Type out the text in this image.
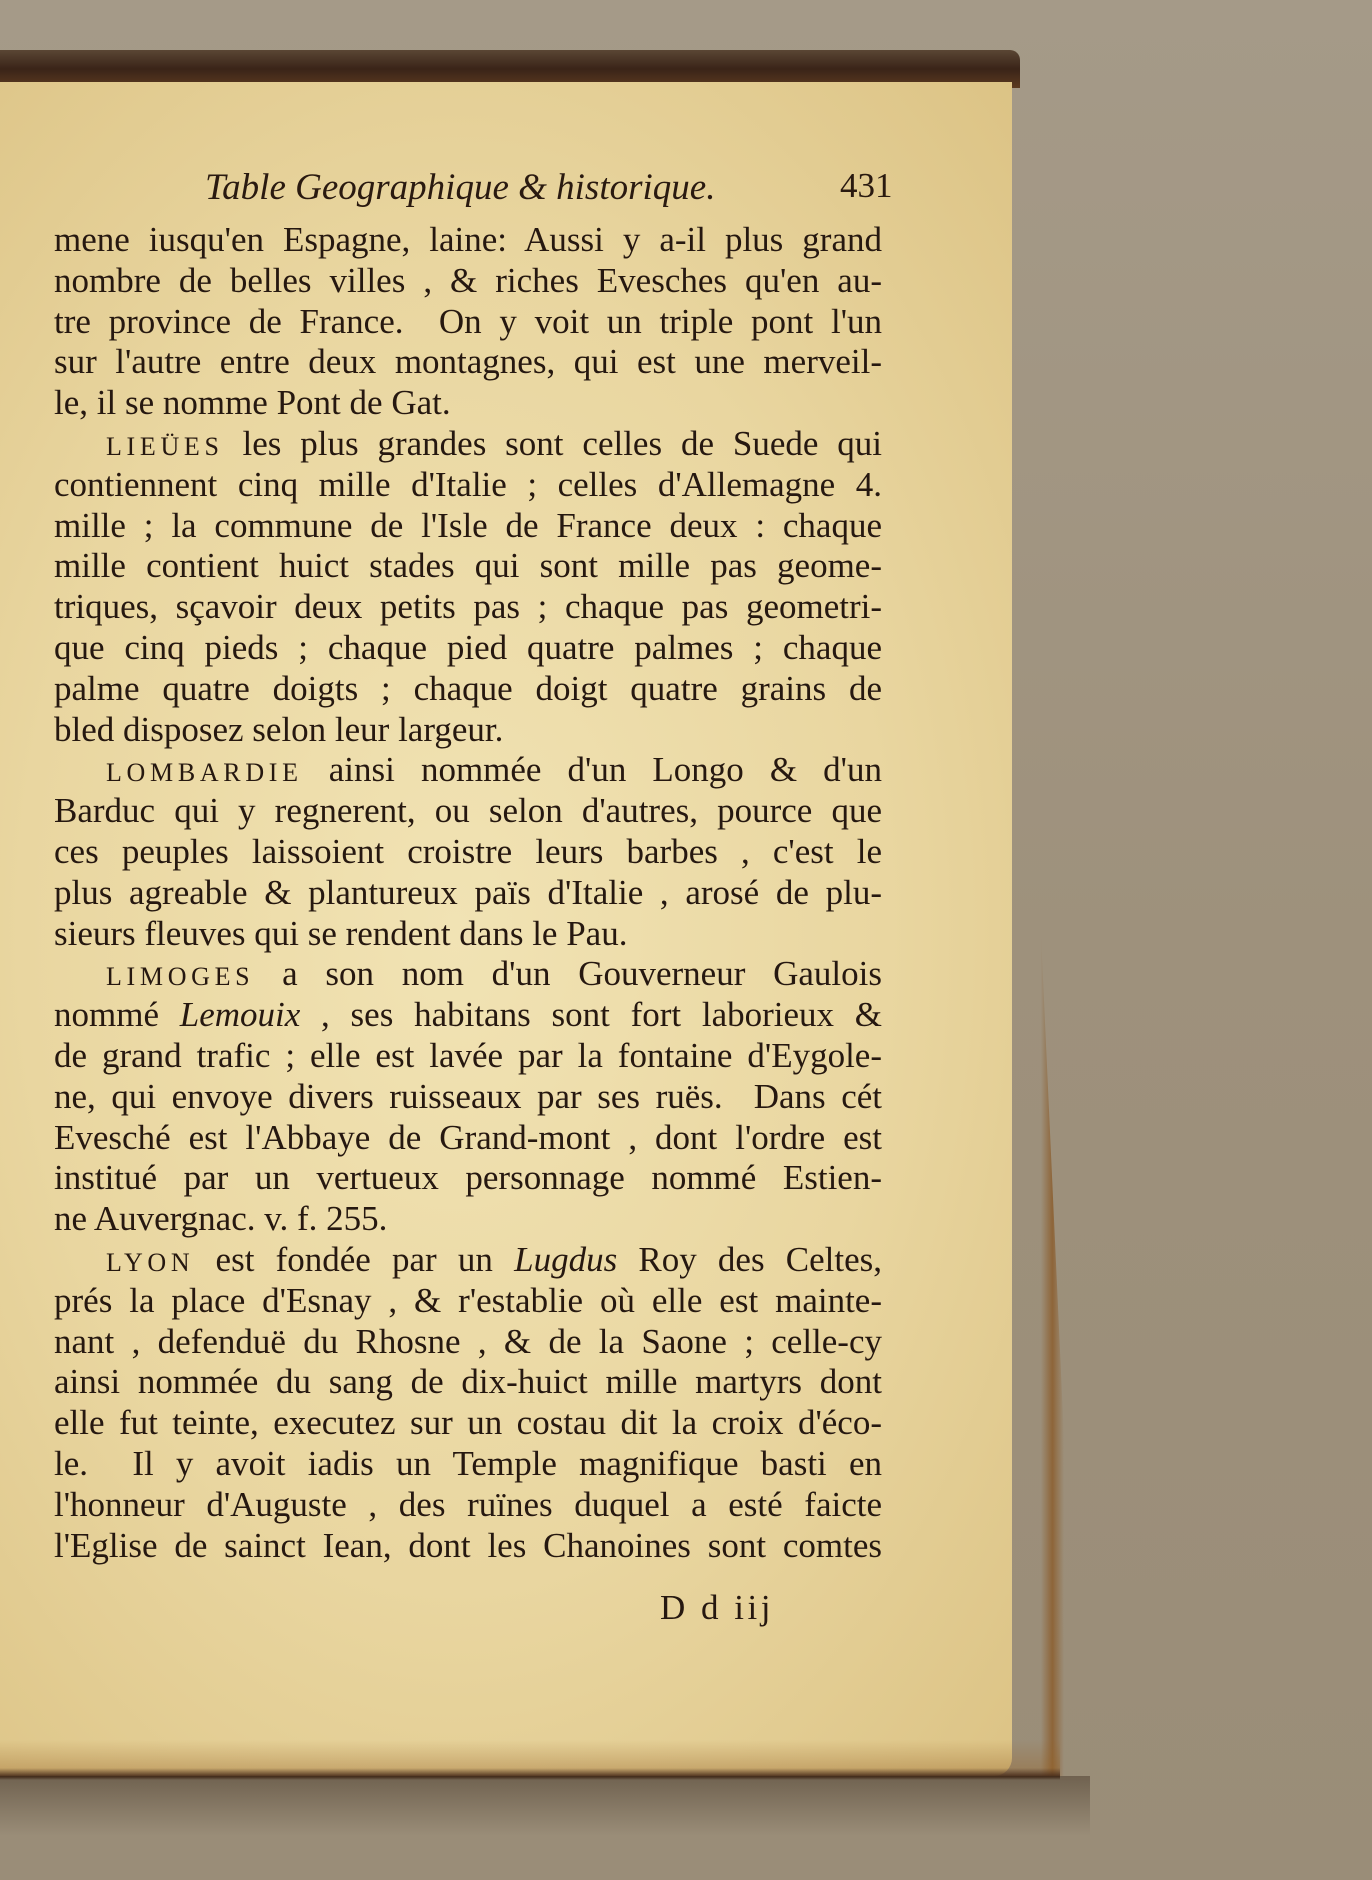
Table Geographique & historique.	431
mene iusqu'en Espagne, laine: Aussi y a-il plus grand
nombre de belles villes , & riches Evesches qu'en au-
tre province de France.  On y voit un triple pont l'un
sur l'autre entre deux montagnes, qui est une merveil-
le, il se nomme Pont de Gat.
LIEÜES les plus grandes sont celles de Suede qui
contiennent cinq mille d'Italie ; celles d'Allemagne 4.
mille ; la commune de l'Isle de France deux : chaque
mille contient huict stades qui sont mille pas geome-
triques, sçavoir deux petits pas ; chaque pas geometri-
que cinq pieds ; chaque pied quatre palmes ; chaque
palme quatre doigts ; chaque doigt quatre grains de
bled disposez selon leur largeur.
LOMBARDIE ainsi nommée d'un Longo & d'un
Barduc qui y regnerent, ou selon d'autres, pource que
ces peuples laissoient croistre leurs barbes , c'est le
plus agreable & plantureux païs d'Italie , arosé de plu-
sieurs fleuves qui se rendent dans le Pau.
LIMOGES a son nom d'un Gouverneur Gaulois
nommé Lemouix , ses habitans sont fort laborieux &
de grand trafic ; elle est lavée par la fontaine d'Eygole-
ne, qui envoye divers ruisseaux par ses ruës.  Dans cét
Evesché est l'Abbaye de Grand-mont , dont l'ordre est
institué par un vertueux personnage nommé Estien-
ne Auvergnac. v. f. 255.
LYON est fondée par un Lugdus Roy des Celtes,
prés la place d'Esnay , & r'establie où elle est mainte-
nant , defenduë du Rhosne , & de la Saone ; celle-cy
ainsi nommée du sang de dix-huict mille martyrs dont
elle fut teinte, executez sur un costau dit la croix d'éco-
le.  Il y avoit iadis un Temple magnifique basti en
l'honneur d'Auguste , des ruïnes duquel a esté faicte
l'Eglise de sainct Iean, dont les Chanoines sont comtes
D d iij
